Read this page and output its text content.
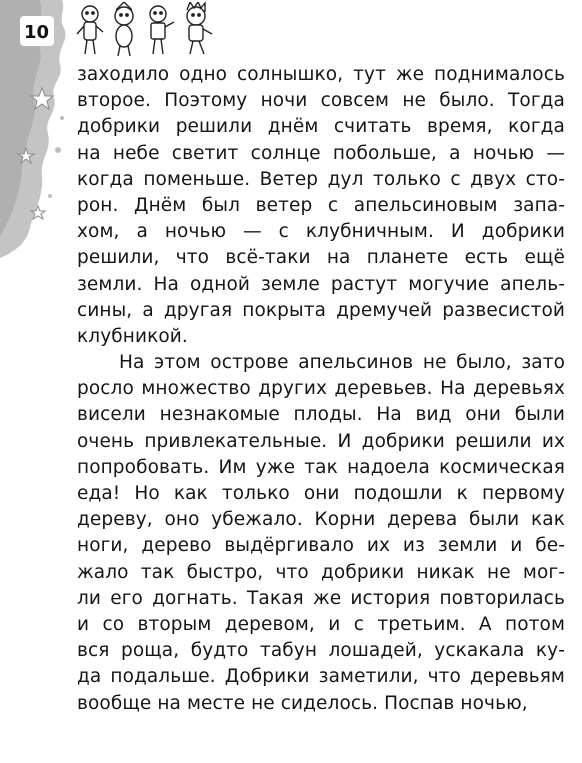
10
заходило одно солнышко, тут же поднималось
второе. Поэтому ночи совсем не было. Тогда
добрики решили днём считать время, когда
на небе светит солнце побольше, а ночью —
когда поменьше. Ветер дул только с двух сто-
рон. Днём был ветер с апельсиновым запа-
хом, а ночью — с клубничным. И добрики
решили, что всё-таки на планете есть ещё
земли. На одной земле растут могучие апель-
сины, а другая покрыта дремучей развесистой
клубникой.
На этом острове апельсинов не было, зато
росло множество других деревьев. На деревьях
висели незнакомые плоды. На вид они были
очень привлекательные. И добрики решили их
попробовать. Им уже так надоела космическая
еда! Но как только они подошли к первому
дереву, оно убежало. Корни дерева были как
ноги, дерево выдёргивало их из земли и бе-
жало так быстро, что добрики никак не мог-
ли его догнать. Такая же история повторилась
и со вторым деревом, и с третьим. А потом
вся роща, будто табун лошадей, ускакала ку-
да подальше. Добрики заметили, что деревьям
вообще на месте не сиделось. Поспав ночью,
